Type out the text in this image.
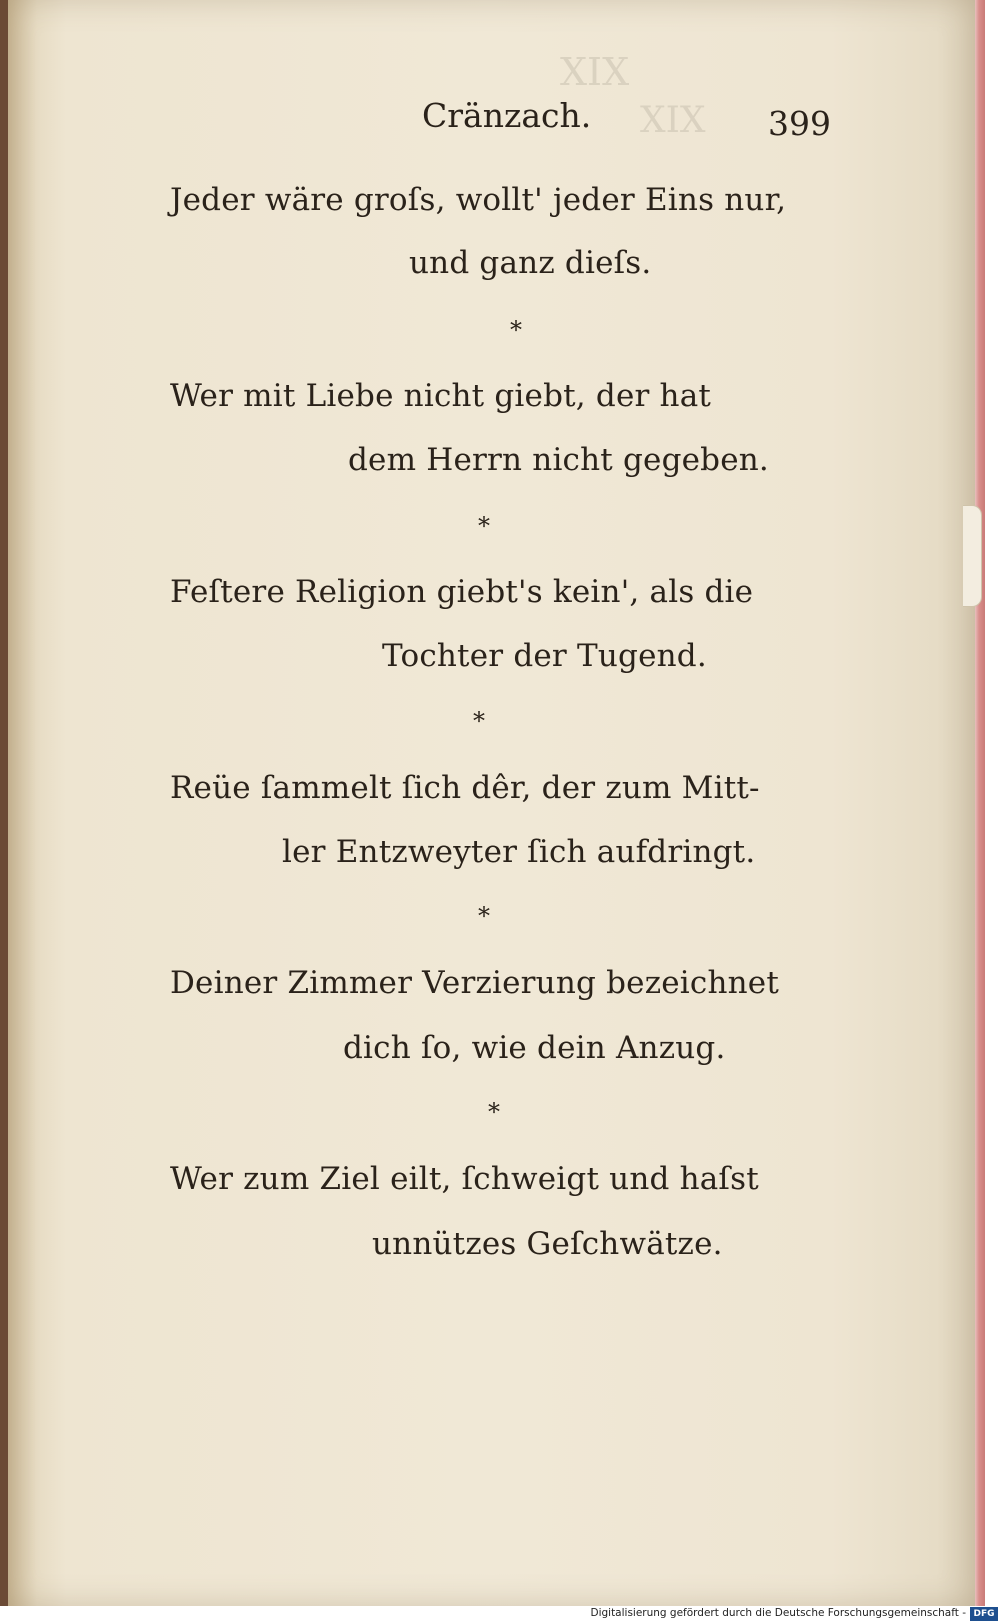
XIX
XIX
Cränzach.	399
Jeder wäre groſs, wollt' jeder Eins nur,
und ganz dieſs.
*
Wer mit Liebe nicht giebt, der hat
dem Herrn nicht gegeben.
*
Feſtere Religion giebt's kein', als die
Tochter der Tugend.
*
Reüe ſammelt ſich dêr, der zum Mitt-
ler Entzweyter ſich aufdringt.
*
Deiner Zimmer Verzierung bezeichnet
dich ſo, wie dein Anzug.
*
Wer zum Ziel eilt, ſchweigt und haſst
unnützes Geſchwätze.
Digitalisierung gefördert durch die Deutsche Forschungsgemeinschaft - DFG
